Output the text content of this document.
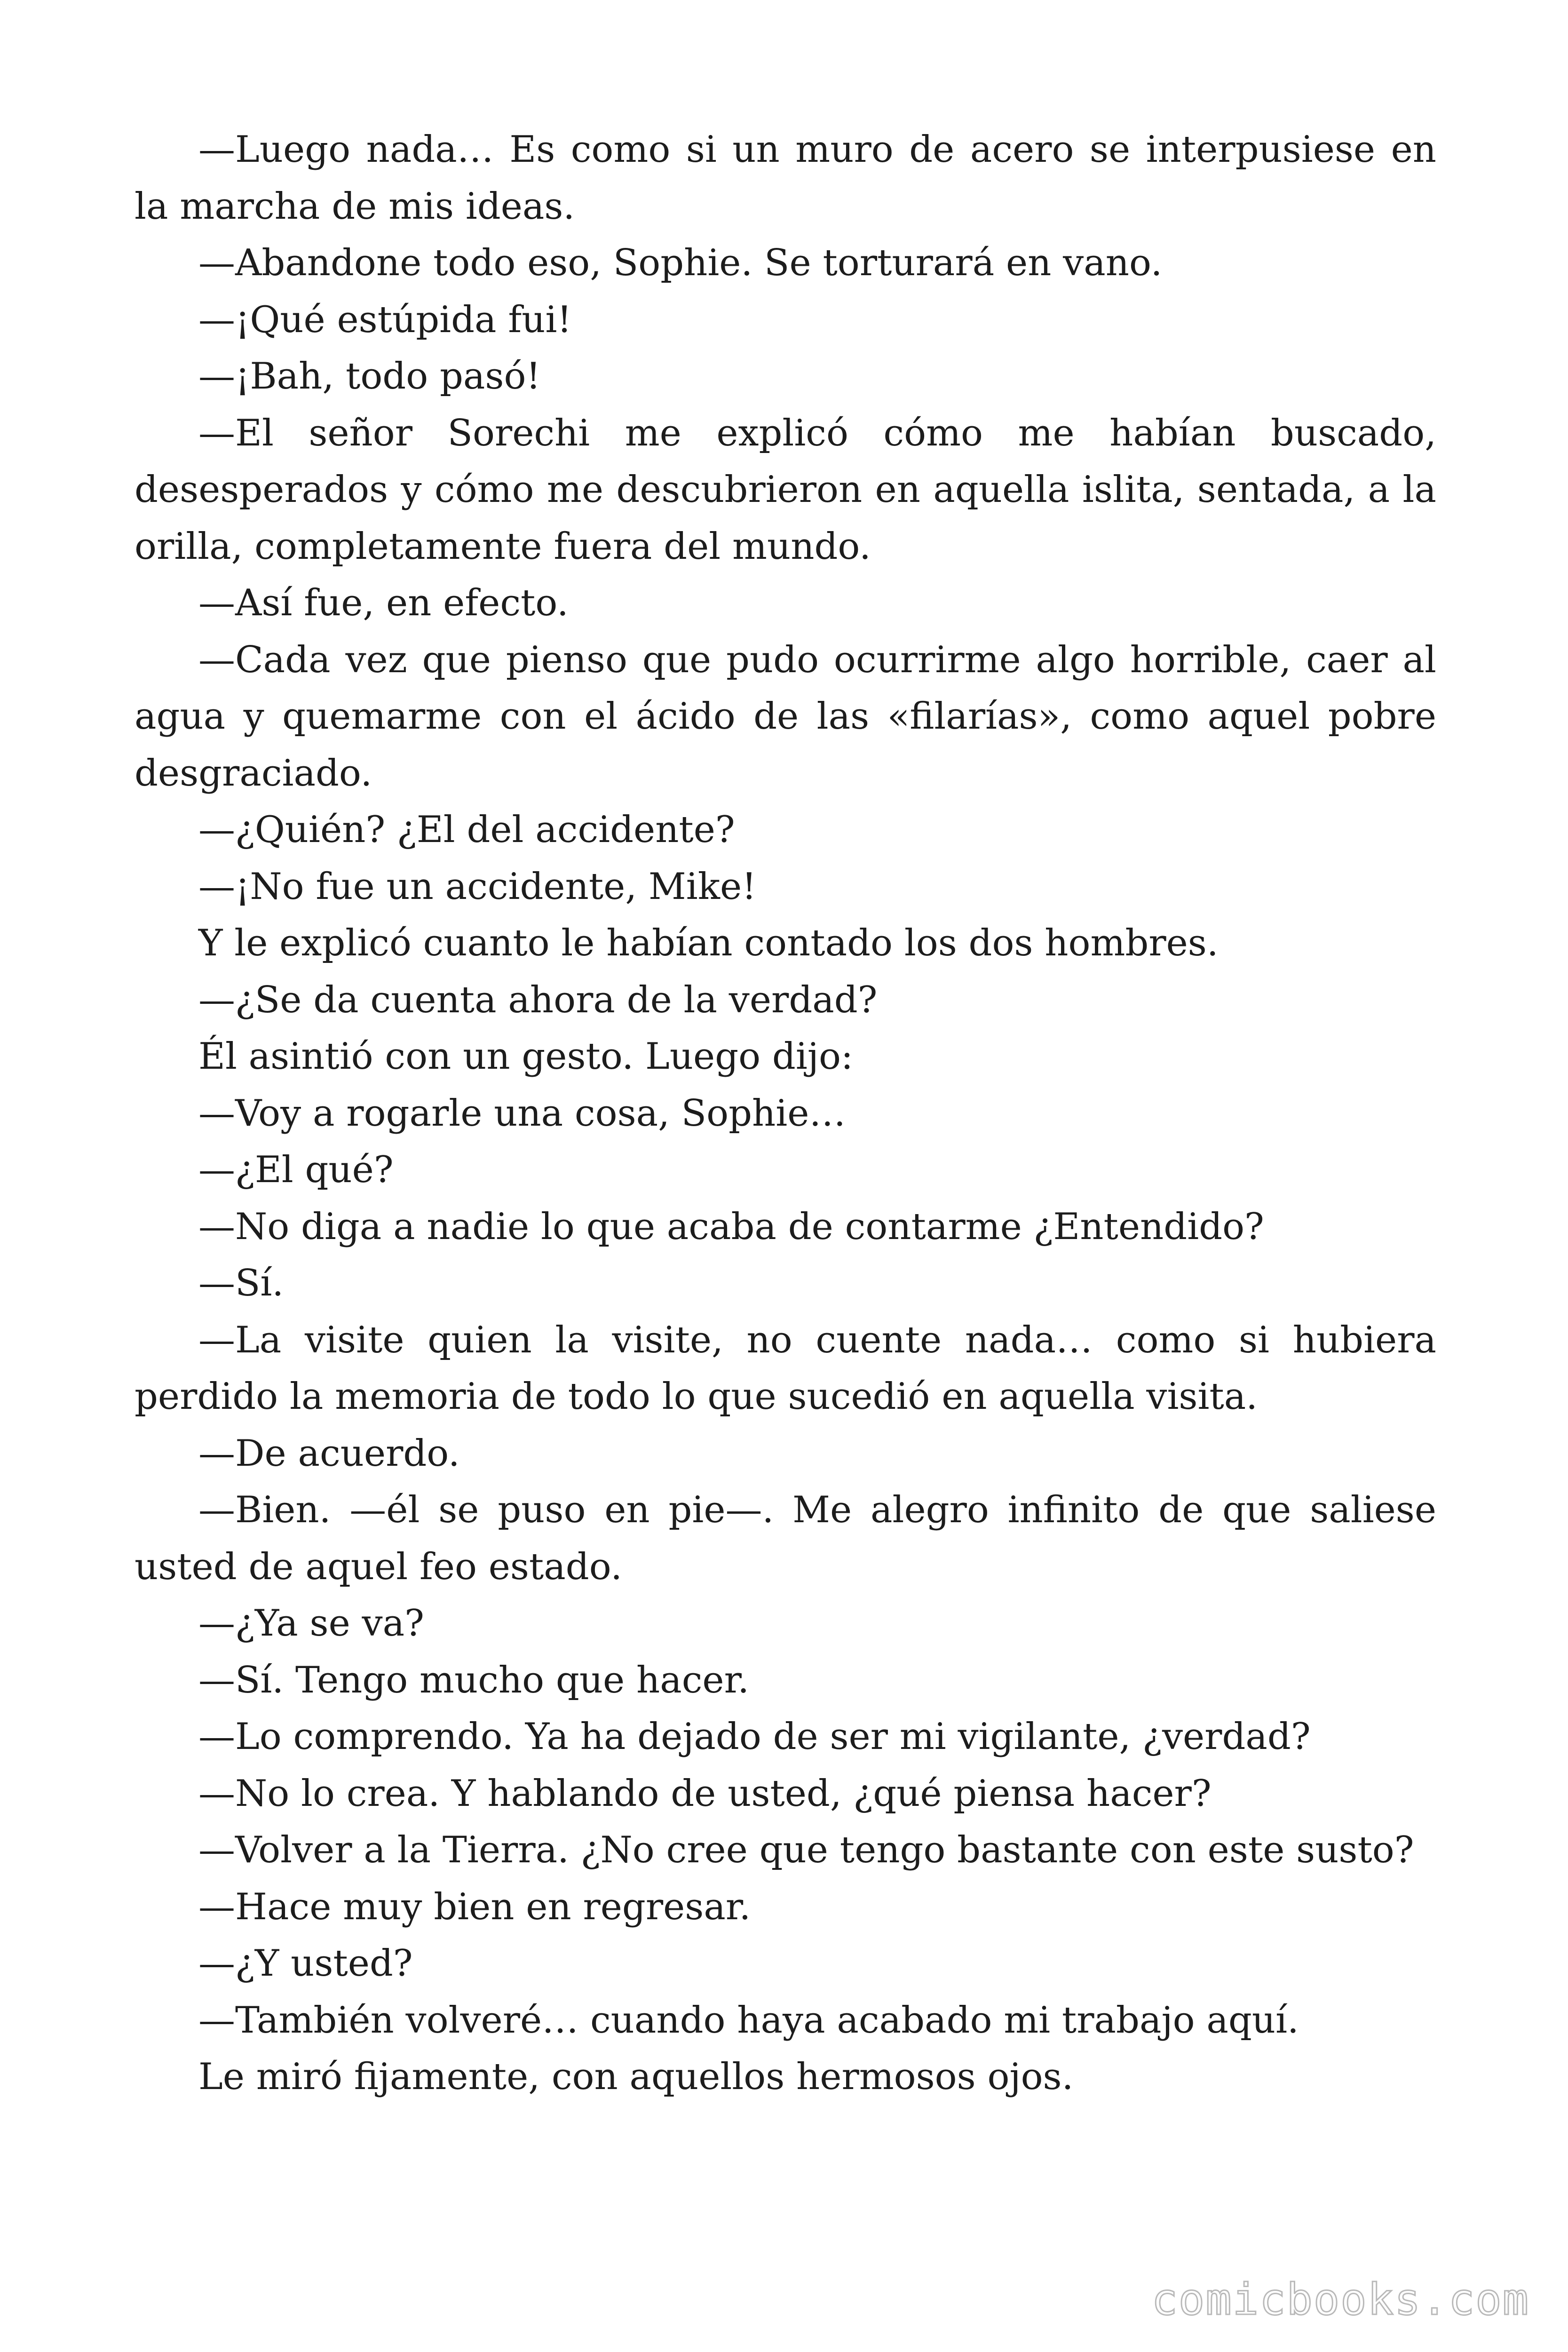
—Luego nada… Es como si un muro de acero se interpusiese en la marcha de mis ideas.

—Abandone todo eso, Sophie. Se torturará en vano.

—¡Qué estúpida fui!

—¡Bah, todo pasó!

—El señor Sorechi me explicó cómo me habían buscado, desesperados y cómo me descubrieron en aquella islita, sentada, a la orilla, completamente fuera del mundo.

—Así fue, en efecto.

—Cada vez que pienso que pudo ocurrirme algo horrible, caer al agua y quemarme con el ácido de las «filarías», como aquel pobre desgraciado.

—¿Quién? ¿El del accidente?

—¡No fue un accidente, Mike!

Y le explicó cuanto le habían contado los dos hombres.

—¿Se da cuenta ahora de la verdad?

Él asintió con un gesto. Luego dijo:

—Voy a rogarle una cosa, Sophie…

—¿El qué?

—No diga a nadie lo que acaba de contarme ¿Entendido?

—Sí.

—La visite quien la visite, no cuente nada… como si hubiera perdido la memoria de todo lo que sucedió en aquella visita.

—De acuerdo.

—Bien. —él se puso en pie—. Me alegro infinito de que saliese usted de aquel feo estado.

—¿Ya se va?

—Sí. Tengo mucho que hacer.

—Lo comprendo. Ya ha dejado de ser mi vigilante, ¿verdad?

—No lo crea. Y hablando de usted, ¿qué piensa hacer?

—Volver a la Tierra. ¿No cree que tengo bastante con este susto?

—Hace muy bien en regresar.

—¿Y usted?

—También volveré… cuando haya acabado mi trabajo aquí.

Le miró fijamente, con aquellos hermosos ojos.

comicbooks.com
